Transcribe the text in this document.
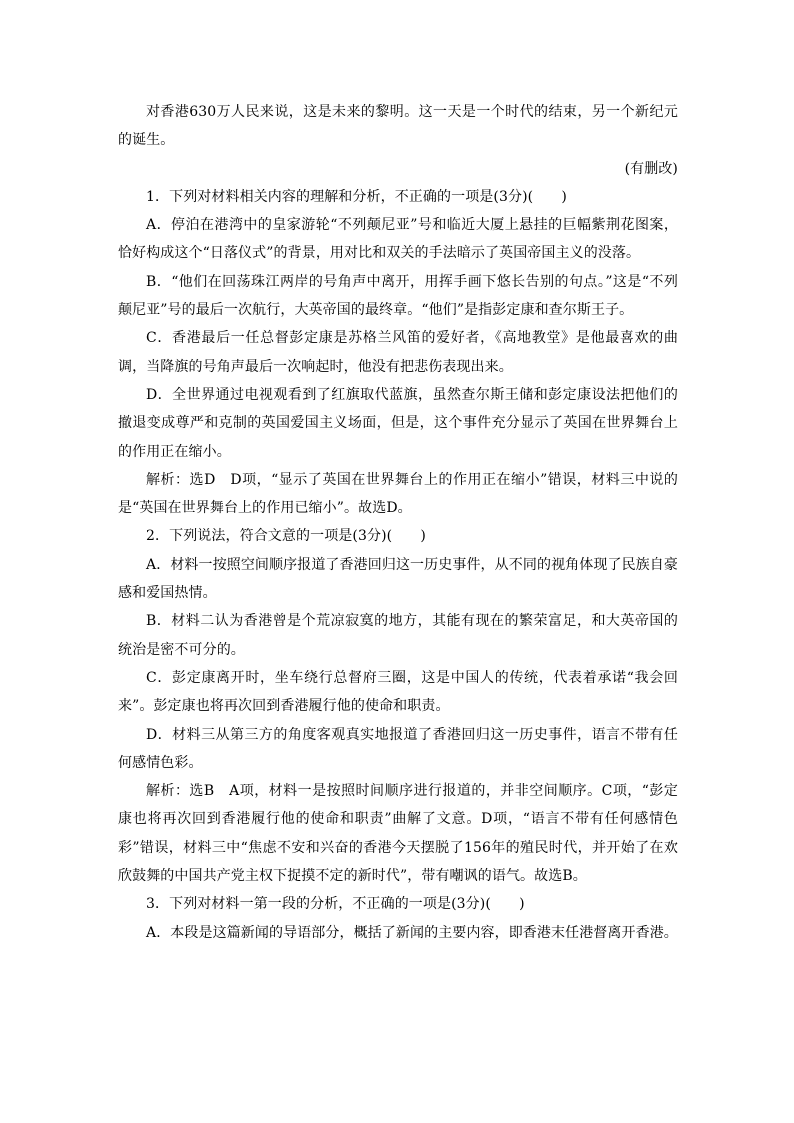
对香港630万人民来说，这是未来的黎明。这一天是一个时代的结束，另一个新纪元的诞生。

(有删改)

1．下列对材料相关内容的理解和分析，不正确的一项是(3分)(　　)

A．停泊在港湾中的皇家游轮“不列颠尼亚”号和临近大厦上悬挂的巨幅紫荆花图案，恰好构成这个“日落仪式”的背景，用对比和双关的手法暗示了英国帝国主义的没落。

B．“他们在回荡珠江两岸的号角声中离开，用挥手画下悠长告别的句点。”这是“不列颠尼亚”号的最后一次航行，大英帝国的最终章。“他们”是指彭定康和查尔斯王子。

C．香港最后一任总督彭定康是苏格兰风笛的爱好者，《高地教堂》是他最喜欢的曲调，当降旗的号角声最后一次响起时，他没有把悲伤表现出来。

D．全世界通过电视观看到了红旗取代蓝旗，虽然查尔斯王储和彭定康设法把他们的撤退变成尊严和克制的英国爱国主义场面，但是，这个事件充分显示了英国在世界舞台上的作用正在缩小。

解析：选D　D项，“显示了英国在世界舞台上的作用正在缩小”错误，材料三中说的是“英国在世界舞台上的作用已缩小”。故选D。

2．下列说法，符合文意的一项是(3分)(　　)

A．材料一按照空间顺序报道了香港回归这一历史事件，从不同的视角体现了民族自豪感和爱国热情。

B．材料二认为香港曾是个荒凉寂寞的地方，其能有现在的繁荣富足，和大英帝国的统治是密不可分的。

C．彭定康离开时，坐车绕行总督府三圈，这是中国人的传统，代表着承诺“我会回来”。彭定康也将再次回到香港履行他的使命和职责。

D．材料三从第三方的角度客观真实地报道了香港回归这一历史事件，语言不带有任何感情色彩。

解析：选B　A项，材料一是按照时间顺序进行报道的，并非空间顺序。C项，“彭定康也将再次回到香港履行他的使命和职责”曲解了文意。D项，“语言不带有任何感情色彩”错误，材料三中“焦虑不安和兴奋的香港今天摆脱了156年的殖民时代，并开始了在欢欣鼓舞的中国共产党主权下捉摸不定的新时代”，带有嘲讽的语气。故选B。

3．下列对材料一第一段的分析，不正确的一项是(3分)(　　)

A．本段是这篇新闻的导语部分，概括了新闻的主要内容，即香港末任港督离开香港。
